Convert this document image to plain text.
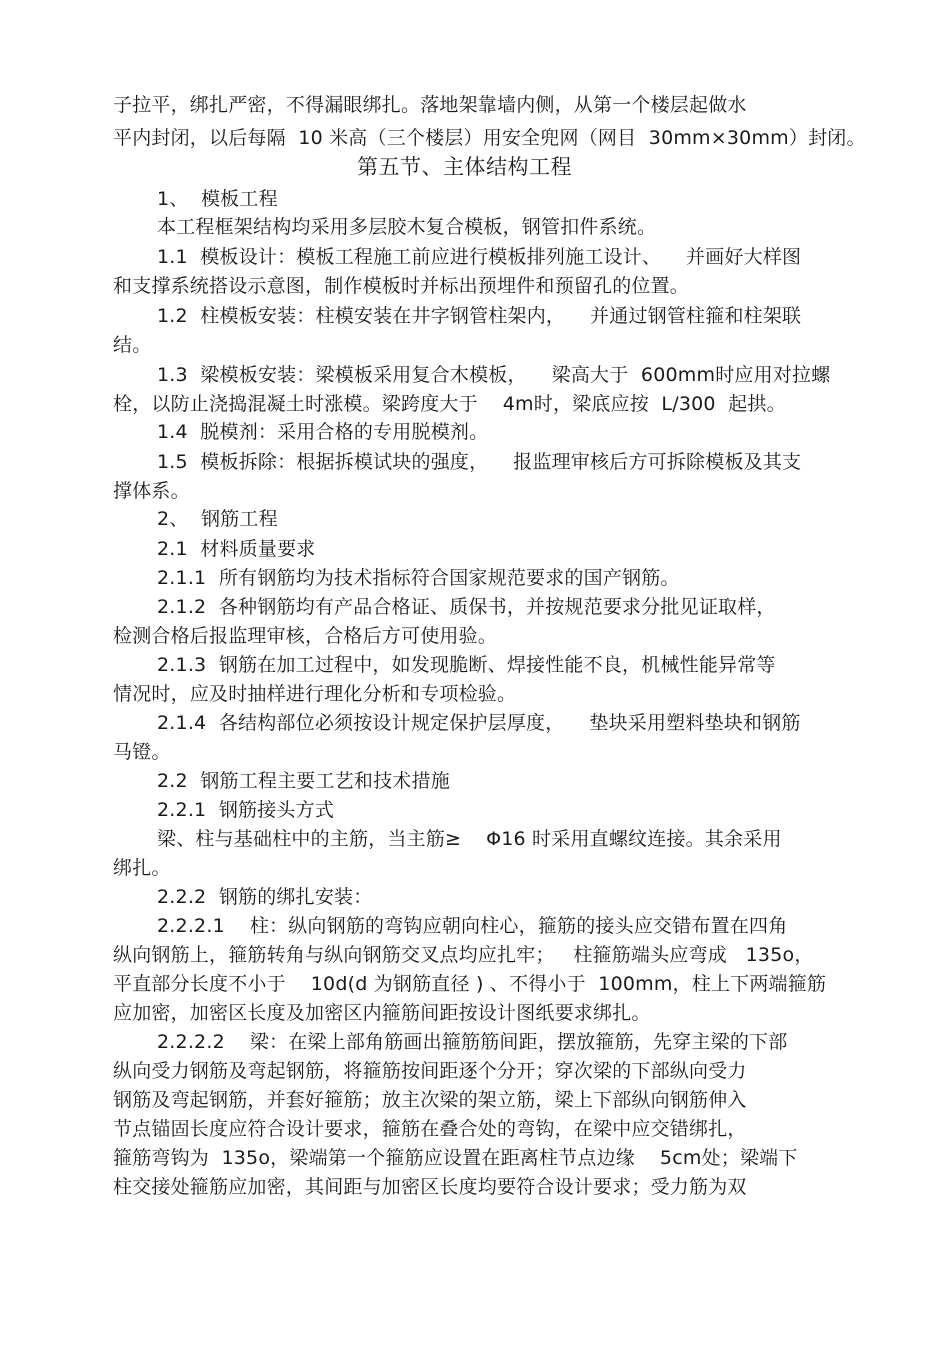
子拉平，绑扎严密，不得漏眼绑扎。落地架靠墙内侧，从第一个楼层起做水
平内封闭，以后每隔  10 米高（三个楼层）用安全兜网（网目  30mm×30mm）封闭。
第五节、主体结构工程
1、  模板工程
本工程框架结构均采用多层胶木复合模板，钢管扣件系统。
1.1  模板设计：模板工程施工前应进行模板排列施工设计、    并画好大样图
和支撑系统搭设示意图，制作模板时并标出预埋件和预留孔的位置。
1.2  柱模板安装：柱模安装在井字钢管柱架内，    并通过钢管柱箍和柱架联
结。
1.3  梁模板安装：梁模板采用复合木模板，    梁高大于  600mm时应用对拉螺
栓，以防止浇捣混凝土时涨模。梁跨度大于    4m时，梁底应按  L/300  起拱。
1.4  脱模剂：采用合格的专用脱模剂。
1.5  模板拆除：根据拆模试块的强度，    报监理审核后方可拆除模板及其支
撑体系。
2、  钢筋工程
2.1  材料质量要求
2.1.1  所有钢筋均为技术指标符合国家规范要求的国产钢筋。
2.1.2  各种钢筋均有产品合格证、质保书，并按规范要求分批见证取样，
检测合格后报监理审核，合格后方可使用验。
2.1.3  钢筋在加工过程中，如发现脆断、焊接性能不良，机械性能异常等
情况时，应及时抽样进行理化分析和专项检验。
2.1.4  各结构部位必须按设计规定保护层厚度，    垫块采用塑料垫块和钢筋
马镫。
2.2  钢筋工程主要工艺和技术措施
2.2.1  钢筋接头方式
梁、柱与基础柱中的主筋，当主筋≥    Φ16 时采用直螺纹连接。其余采用
绑扎。
2.2.2  钢筋的绑扎安装：
2.2.2.1    柱：纵向钢筋的弯钩应朝向柱心，箍筋的接头应交错布置在四角
纵向钢筋上，箍筋转角与纵向钢筋交叉点均应扎牢；   柱箍筋端头应弯成   135o，
平直部分长度不小于    10d(d 为钢筋直径 ) 、不得小于  100mm，柱上下两端箍筋
应加密，加密区长度及加密区内箍筋间距按设计图纸要求绑扎。
2.2.2.2    梁：在梁上部角筋画出箍筋筋间距，摆放箍筋，先穿主梁的下部
纵向受力钢筋及弯起钢筋，将箍筋按间距逐个分开；穿次梁的下部纵向受力
钢筋及弯起钢筋，并套好箍筋；放主次梁的架立筋，梁上下部纵向钢筋伸入
节点锚固长度应符合设计要求，箍筋在叠合处的弯钩，在梁中应交错绑扎，
箍筋弯钩为  135o，梁端第一个箍筋应设置在距离柱节点边缘    5cm处；梁端下
柱交接处箍筋应加密，其间距与加密区长度均要符合设计要求；受力筋为双
